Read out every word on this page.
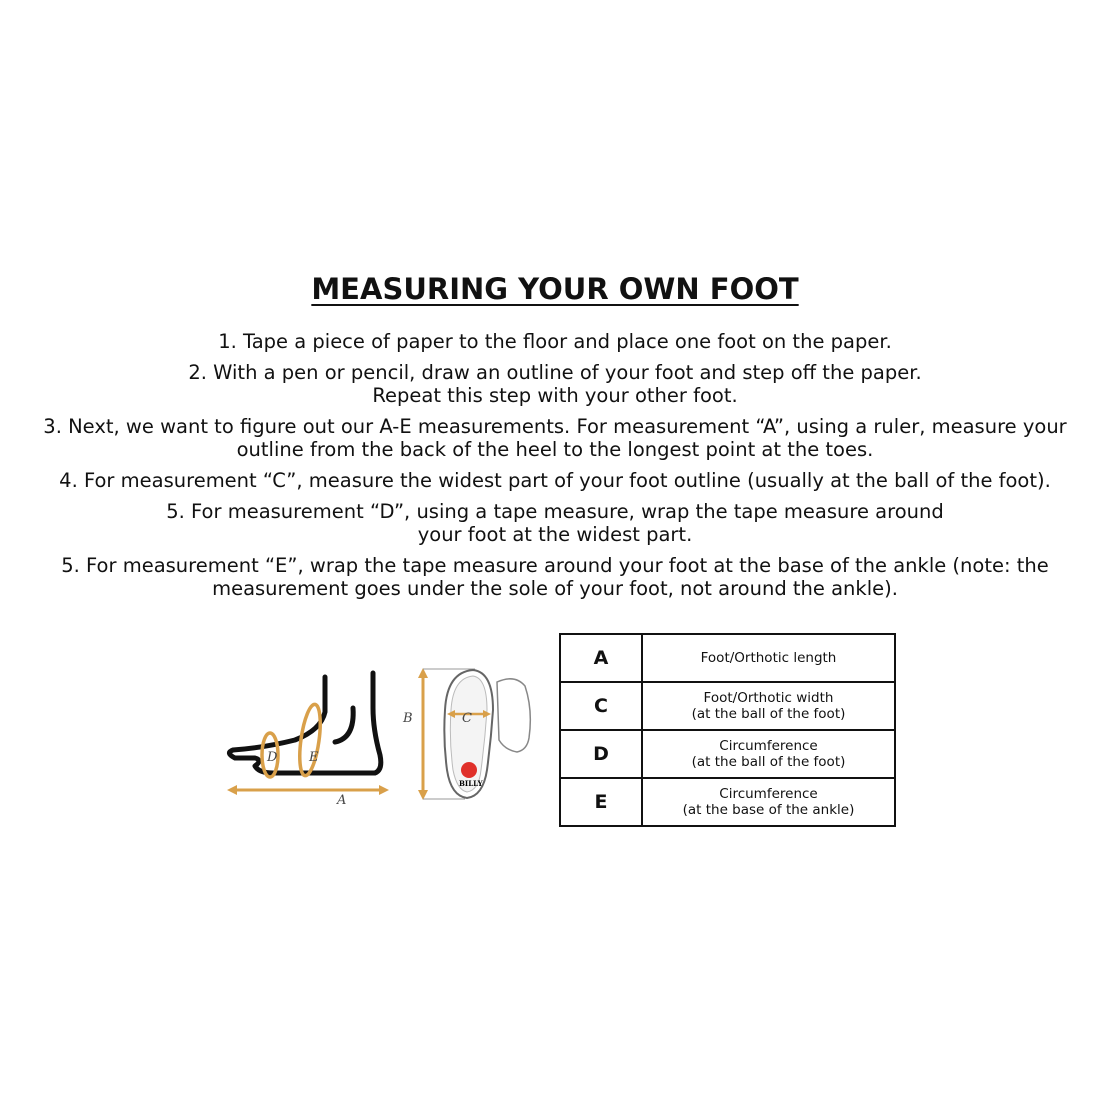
MEASURING YOUR OWN FOOT
1. Tape a piece of paper to the floor and place one foot on the paper.
2. With a pen or pencil, draw an outline of your foot and step off the paper.
Repeat this step with your other foot.
3. Next, we want to figure out our A-E measurements. For measurement “A”, using a ruler, measure your
outline from the back of the heel to the longest point at the toes.
4. For measurement “C”, measure the widest part of your foot outline (usually at the ball of the foot).
5. For measurement “D”, using a tape measure, wrap the tape measure around
your foot at the widest part.
5. For measurement “E”, wrap the tape measure around your foot at the base of the ankle (note: the
measurement goes under the sole of your foot, not around the ankle).
D E
A
B	C
BILLY
A	Foot/Orthotic length

C	Foot/Orthotic width
(at the ball of the foot)

D	Circumference
(at the ball of the foot)

E	Circumference
(at the base of the ankle)
